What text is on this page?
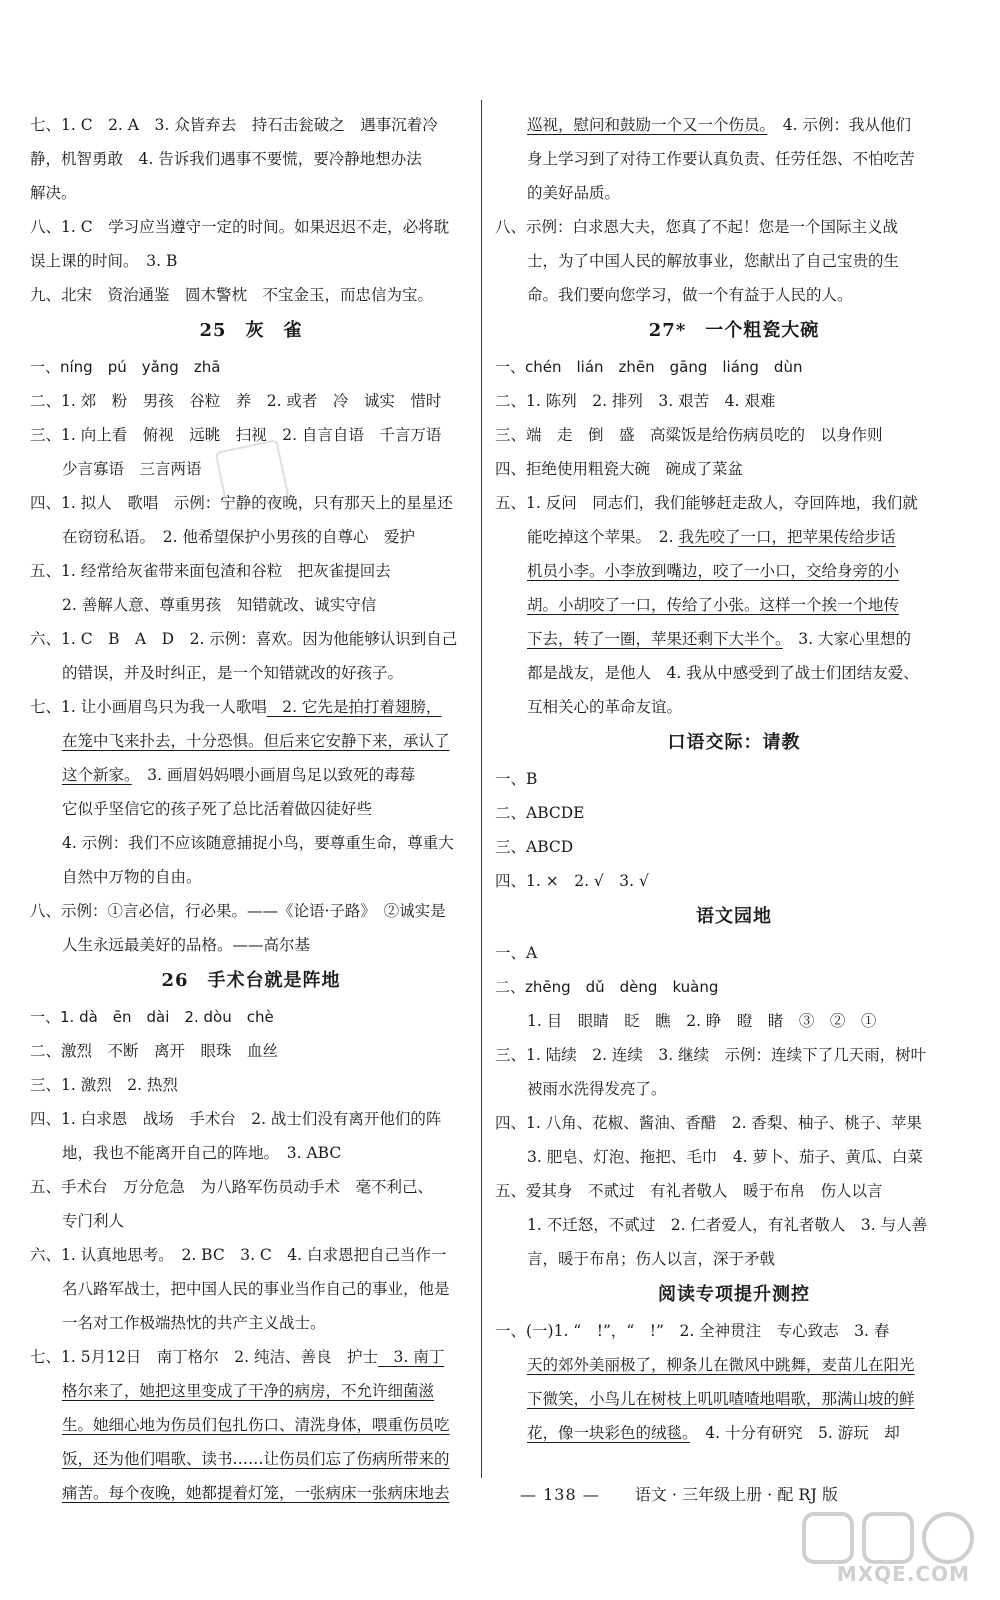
七、1. C　2. A　3. 众皆弃去　持石击瓮破之　遇事沉着冷
静，机智勇敢　4. 告诉我们遇事不要慌，要冷静地想办法
解决。
八、1. C　学习应当遵守一定的时间。如果迟迟不走，必将耽
误上课的时间。　3. B
九、北宋　资治通鉴　圆木警枕　不宝金玉，而忠信为宝。
25　灰　雀
一、níng　pú　yǎng　zhā
二、1. 郊　粉　男孩　谷粒　养　2. 或者　冷　诚实　惜时
三、1. 向上看　俯视　远眺　扫视　2. 自言自语　千言万语
少言寡语　三言两语
四、1. 拟人　歌唱　示例：宁静的夜晚，只有那天上的星星还
在窃窃私语。　2. 他希望保护小男孩的自尊心　爱护
五、1. 经常给灰雀带来面包渣和谷粒　把灰雀提回去
2. 善解人意、尊重男孩　知错就改、诚实守信
六、1. C　B　A　D　2. 示例：喜欢。因为他能够认识到自己
的错误，并及时纠正，是一个知错就改的好孩子。
七、1. 让小画眉鸟只为我一人歌唱　2. 它先是拍打着翅膀，
在笼中飞来扑去，十分恐惧。但后来它安静下来，承认了
这个新家。　3. 画眉妈妈喂小画眉鸟足以致死的毒莓
它似乎坚信它的孩子死了总比活着做囚徒好些
4. 示例：我们不应该随意捕捉小鸟，要尊重生命，尊重大
自然中万物的自由。
八、示例：①言必信，行必果。——《论语·子路》　②诚实是
人生永远最美好的品格。——高尔基
26　手术台就是阵地
一、1. dà　ēn　dài　2. dòu　chè
二、激烈　不断　离开　眼珠　血丝
三、1. 激烈　2. 热烈
四、1. 白求恩　战场　手术台　2. 战士们没有离开他们的阵
地，我也不能离开自己的阵地。　3. ABC
五、手术台　万分危急　为八路军伤员动手术　毫不利己、
专门利人
六、1. 认真地思考。　2. BC　3. C　4. 白求恩把自己当作一
名八路军战士，把中国人民的事业当作自己的事业，他是
一名对工作极端热忱的共产主义战士。
七、1. 5月12日　南丁格尔　2. 纯洁、善良　护士　3. 南丁
格尔来了，她把这里变成了干净的病房，不允许细菌滋
生。她细心地为伤员们包扎伤口、清洗身体，喂重伤员吃
饭，还为他们唱歌、读书……让伤员们忘了伤病所带来的
痛苦。每个夜晚，她都提着灯笼，一张病床一张病床地去
巡视，慰问和鼓励一个又一个伤员。　4. 示例：我从他们
身上学习到了对待工作要认真负责、任劳任怨、不怕吃苦
的美好品质。
八、示例：白求恩大夫，您真了不起！您是一个国际主义战
士，为了中国人民的解放事业，您献出了自己宝贵的生
命。我们要向您学习，做一个有益于人民的人。
27*　一个粗瓷大碗
一、chén　lián　zhēn　gāng　liáng　dùn
二、1. 陈列　2. 排列　3. 艰苦　4. 艰难
三、端　走　倒　盛　高粱饭是给伤病员吃的　以身作则
四、拒绝使用粗瓷大碗　碗成了菜盆
五、1. 反问　同志们，我们能够赶走敌人，夺回阵地，我们就
能吃掉这个苹果。　2. 我先咬了一口，把苹果传给步话
机员小李。小李放到嘴边，咬了一小口，交给身旁的小
胡。小胡咬了一口，传给了小张。这样一个挨一个地传
下去，转了一圈，苹果还剩下大半个。　3. 大家心里想的
都是战友，是他人　4. 我从中感受到了战士们团结友爱、
互相关心的革命友谊。
口语交际：请教
一、B
二、ABCDE
三、ABCD
四、1. ×　2. √　3. √
语文园地
一、A
二、zhēng　dǔ　dèng　kuàng
1. 目　眼睛　眨　瞧　2. 睁　瞪　睹　③　②　①
三、1. 陆续　2. 连续　3. 继续　示例：连续下了几天雨，树叶
被雨水洗得发亮了。
四、1. 八角、花椒、酱油、香醋　2. 香梨、柚子、桃子、苹果
3. 肥皂、灯泡、拖把、毛巾　4. 萝卜、茄子、黄瓜、白菜
五、爱其身　不贰过　有礼者敬人　暖于布帛　伤人以言
1. 不迁怒，不贰过　2. 仁者爱人，有礼者敬人　3. 与人善
言，暖于布帛；伤人以言，深于矛戟
阅读专项提升测控
一、(一)1. “　!”，“　!”　2. 全神贯注　专心致志　3. 春
天的郊外美丽极了，柳条儿在微风中跳舞，麦苗儿在阳光
下微笑，小鸟儿在树枝上叽叽喳喳地唱歌，那满山坡的鲜
花，像一块彩色的绒毯。　4. 十分有研究　5. 游玩　却
— 138 — 语文 · 三年级上册 · 配 RJ 版
MXQE.COM
